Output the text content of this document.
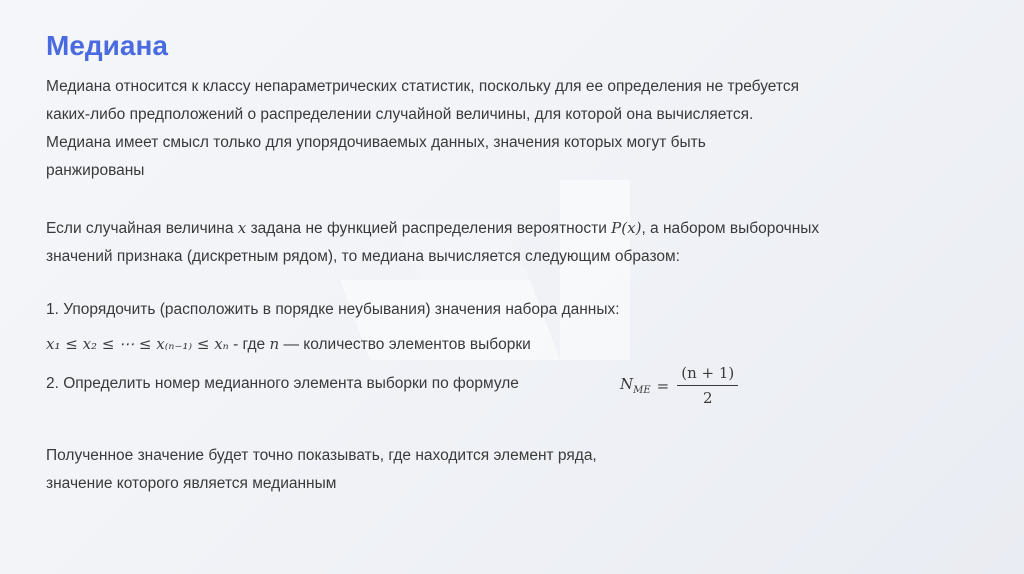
Медиана
Медиана относится к классу непараметрических статистик, поскольку для ее определения не требуется
каких-либо предположений о распределении случайной величины, для которой она вычисляется.
Медиана имеет смысл только для упорядочиваемых данных, значения которых могут быть
ранжированы
Если случайная величина x задана не функцией распределения вероятности P(x), а набором выборочных
значений признака (дискретным рядом), то медиана вычисляется следующим образом:
1. Упорядочить (расположить в порядке неубывания) значения набора данных:
x₁ ≤ x₂ ≤ ⋯ ≤ x₍ₙ₋₁₎ ≤ xₙ - где n — количество элементов выборки
2. Определить номер медианного элемента выборки по формуле	$N_{ME} = \frac{(n + 1)}{2}$
Полученное значение будет точно показывать, где находится элемент ряда,
значение которого является медианным
